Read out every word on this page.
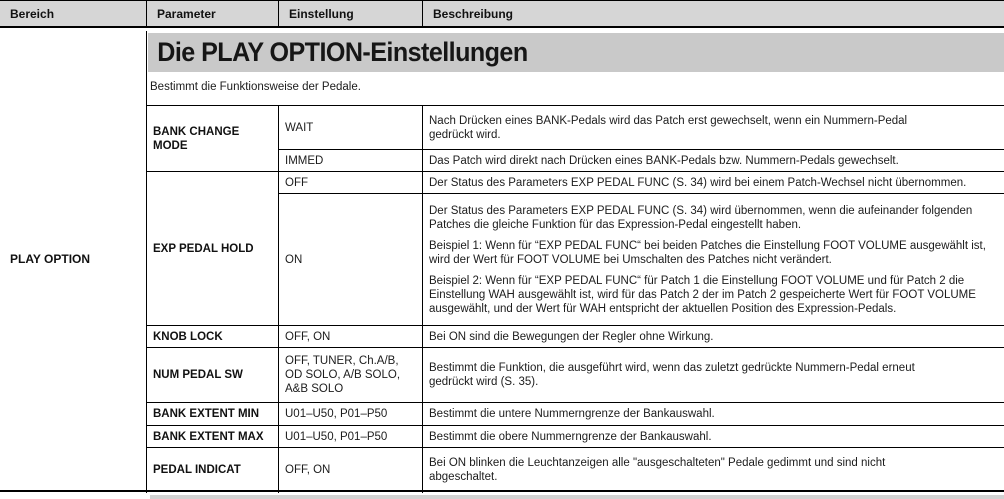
Bereich	Parameter	Einstellung	Beschreibung
PLAY OPTION
Die PLAY OPTION-Einstellungen
Bestimmt die Funktionsweise der Pedale.
BANK CHANGE MODE	WAIT	Nach Drücken eines BANK-Pedals wird das Patch erst gewechselt, wenn ein Nummern-Pedal gedrückt wird.

	IMMED	Das Patch wird direkt nach Drücken eines BANK-Pedals bzw. Nummern-Pedals gewechselt.

EXP PEDAL HOLD	OFF	Der Status des Parameters EXP PEDAL FUNC (S. 34) wird bei einem Patch-Wechsel nicht übernommen.

	ON	Der Status des Parameters EXP PEDAL FUNC (S. 34) wird übernommen, wenn die aufeinander folgenden Patches die gleiche Funktion für das Expression-Pedal eingestellt haben.

Beispiel 1: Wenn für “EXP PEDAL FUNC“ bei beiden Patches die Einstellung FOOT VOLUME ausgewählt ist, wird der Wert für FOOT VOLUME bei Umschalten des Patches nicht verändert.

Beispiel 2: Wenn für “EXP PEDAL FUNC“ für Patch 1 die Einstellung FOOT VOLUME und für Patch 2 die Einstellung WAH ausgewählt ist, wird für das Patch 2 der im Patch 2 gespeicherte Wert für FOOT VOLUME ausgewählt, und der Wert für WAH entspricht der aktuellen Position des Expression-Pedals.

KNOB LOCK	OFF, ON	Bei ON sind die Bewegungen der Regler ohne Wirkung.

NUM PEDAL SW	OFF, TUNER, Ch.A/B, OD SOLO, A/B SOLO, A&B SOLO	Bestimmt die Funktion, die ausgeführt wird, wenn das zuletzt gedrückte Nummern-Pedal erneut gedrückt wird (S. 35).

BANK EXTENT MIN	U01–U50, P01–P50	Bestimmt die untere Nummerngrenze der Bankauswahl.

BANK EXTENT MAX	U01–U50, P01–P50	Bestimmt die obere Nummerngrenze der Bankauswahl.

PEDAL INDICAT	OFF, ON	Bei ON blinken die Leuchtanzeigen alle "ausgeschalteten" Pedale gedimmt und sind nicht abgeschaltet.
